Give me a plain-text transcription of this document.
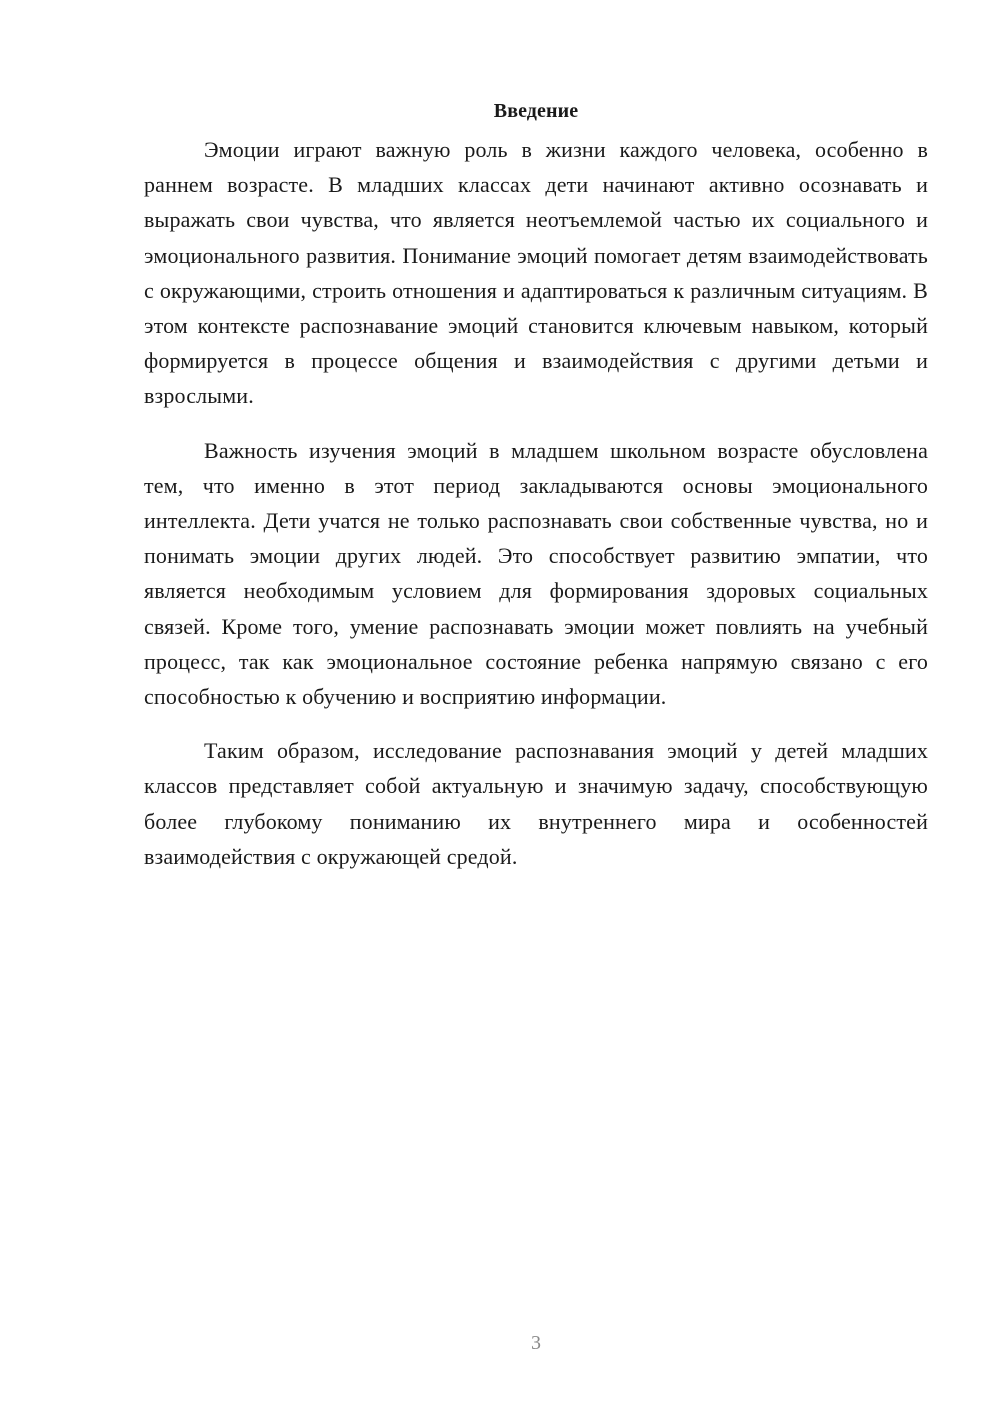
Введение

Эмоции играют важную роль в жизни каждого человека, особенно в раннем возрасте. В младших классах дети начинают активно осознавать и выражать свои чувства, что является неотъемлемой частью их социального и эмоционального развития. Понимание эмоций помогает детям взаимодействовать с окружающими, строить отношения и адаптироваться к различным ситуациям. В этом контексте распознавание эмоций становится ключевым навыком, который формируется в процессе общения и взаимодействия с другими детьми и взрослыми.

Важность изучения эмоций в младшем школьном возрасте обусловлена тем, что именно в этот период закладываются основы эмоционального интеллекта. Дети учатся не только распознавать свои собственные чувства, но и понимать эмоции других людей. Это способствует развитию эмпатии, что является необходимым условием для формирования здоровых социальных связей. Кроме того, умение распознавать эмоции может повлиять на учебный процесс, так как эмоциональное состояние ребенка напрямую связано с его способностью к обучению и восприятию информации.

Таким образом, исследование распознавания эмоций у детей младших классов представляет собой актуальную и значимую задачу, способствующую более глубокому пониманию их внутреннего мира и особенностей взаимодействия с окружающей средой.

3
